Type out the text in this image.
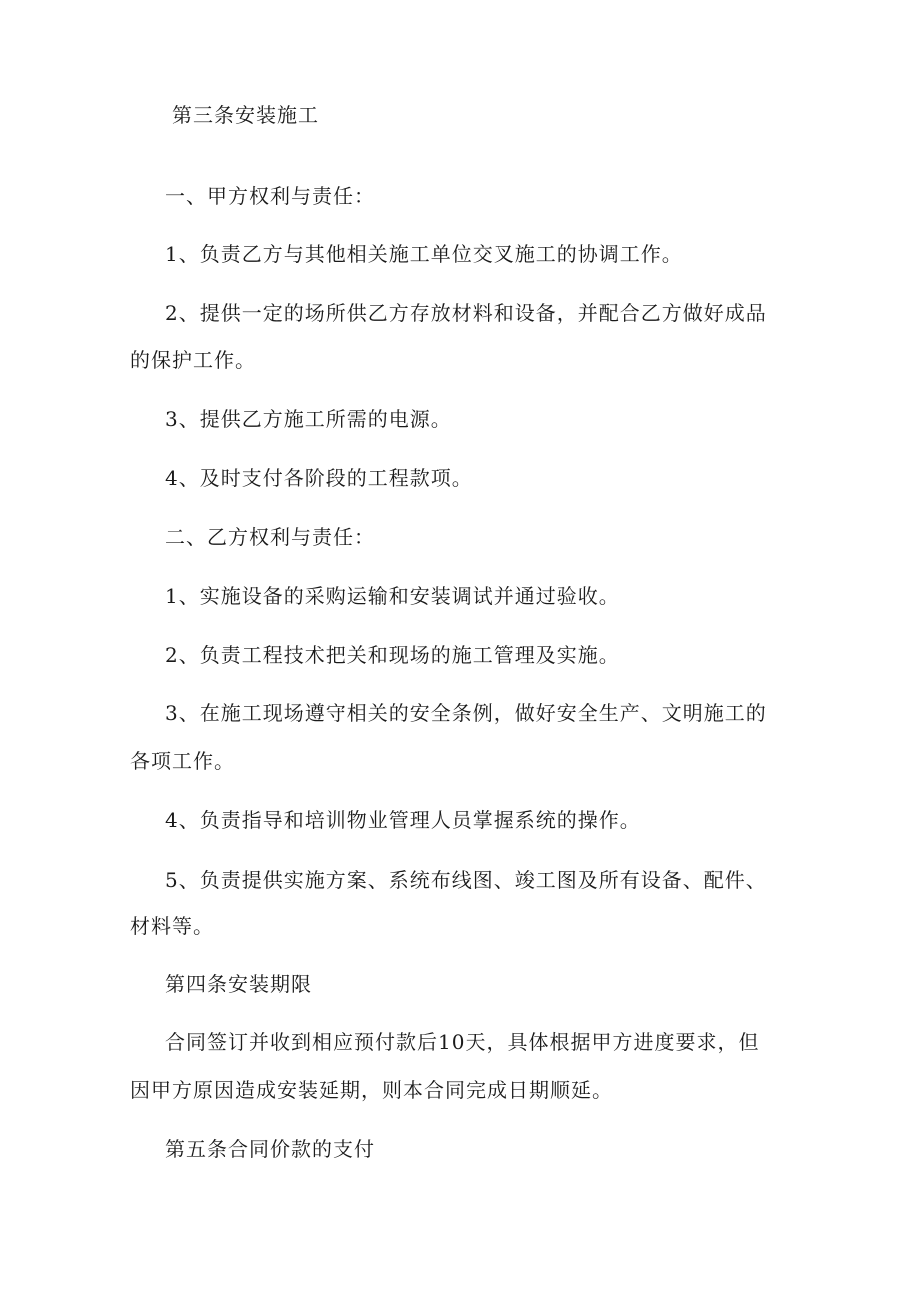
第三条安装施工
一、甲方权利与责任：
1、负责乙方与其他相关施工单位交叉施工的协调工作。
2、提供一定的场所供乙方存放材料和设备，并配合乙方做好成品
的保护工作。
3、提供乙方施工所需的电源。
4、及时支付各阶段的工程款项。
二、乙方权利与责任：
1、实施设备的采购运输和安装调试并通过验收。
2、负责工程技术把关和现场的施工管理及实施。
3、在施工现场遵守相关的安全条例，做好安全生产、文明施工的
各项工作。
4、负责指导和培训物业管理人员掌握系统的操作。
5、负责提供实施方案、系统布线图、竣工图及所有设备、配件、
材料等。
第四条安装期限
合同签订并收到相应预付款后10天，具体根据甲方进度要求，但
因甲方原因造成安装延期，则本合同完成日期顺延。
第五条合同价款的支付
